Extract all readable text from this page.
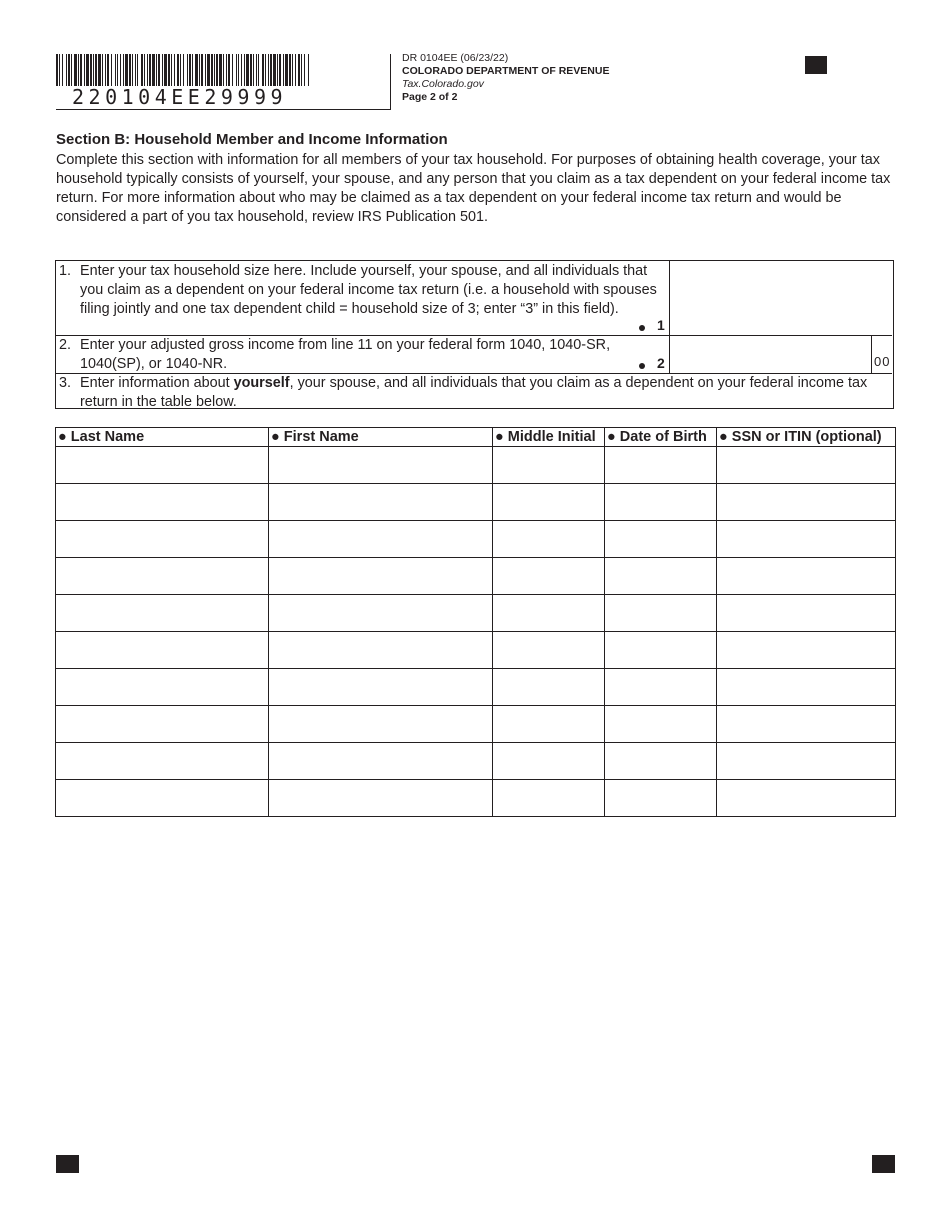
220104EE29999
DR 0104EE (06/23/22)
COLORADO DEPARTMENT OF REVENUE
Tax.Colorado.gov
Page 2 of 2
Section B: Household Member and Income Information
Complete this section with information for all members of your tax household. For purposes of obtaining health coverage, your tax household typically consists of yourself, your spouse, and any person that you claim as a tax dependent on your federal income tax return. For more information about who may be claimed as a tax dependent on your federal income tax return and would be considered a part of you tax household, review IRS Publication 501.
1. Enter your tax household size here. Include yourself, your spouse, and all individuals that you claim as a dependent on your federal income tax return (i.e. a household with spouses filing jointly and one tax dependent child = household size of 3; enter “3” in this field).
1
2. Enter your adjusted gross income from line 11 on your federal form 1040, 1040-SR, 1040(SP), or 1040-NR.	2	00
3. Enter information about yourself, your spouse, and all individuals that you claim as a dependent on your federal income tax return in the table below.
● Last Name	● First Name	● Middle Initial	● Date of Birth	● SSN or ITIN (optional)
